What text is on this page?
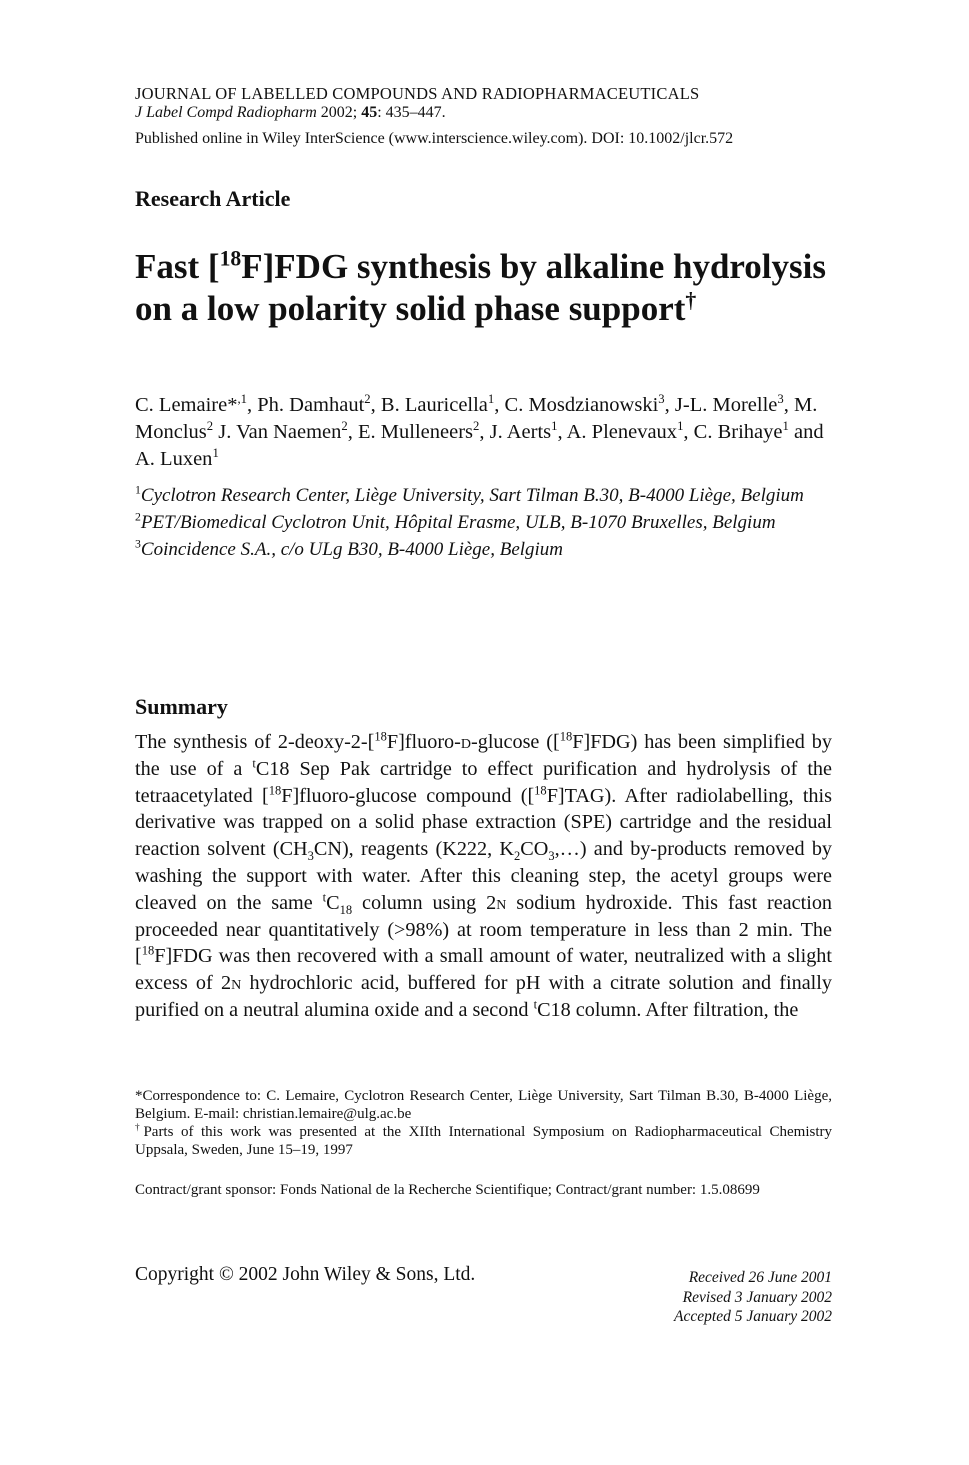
JOURNAL OF LABELLED COMPOUNDS AND RADIOPHARMACEUTICALS
J Label Compd Radiopharm 2002; 45: 435–447.
Published online in Wiley InterScience (www.interscience.wiley.com). DOI: 10.1002/jlcr.572
Research Article
Fast [$^{18}$F]FDG synthesis by alkaline hydrolysis on a low polarity solid phase support†
C. Lemaire*$^{,1}$, Ph. Damhaut$^2$, B. Lauricella$^1$, C. Mosdzianowski$^3$, J-L. Morelle$^3$, M. Monclus$^2$ J. Van Naemen$^2$, E. Mulleneers$^2$, J. Aerts$^1$, A. Plenevaux$^1$, C. Brihaye$^1$ and A. Luxen$^1$
$^1$Cyclotron Research Center, Liège University, Sart Tilman B.30, B-4000 Liège, Belgium
$^2$PET/Biomedical Cyclotron Unit, Hôpital Erasme, ULB, B-1070 Bruxelles, Belgium
$^3$Coincidence S.A., c/o ULg B30, B-4000 Liège, Belgium
Summary
The synthesis of 2-deoxy-2-[$^{18}$F]fluoro-d-glucose ([$^{18}$F]FDG) has been simplified by the use of a $^t$C18 Sep Pak cartridge to effect purification and hydrolysis of the tetraacetylated [$^{18}$F]fluoro-glucose compound ([$^{18}$F]TAG). After radiolabelling, this derivative was trapped on a solid phase extraction (SPE) cartridge and the residual reaction solvent $(CH_3CN)$, reagents (K222, $K_2CO_3,\dots$) and by-products removed by washing the support with water. After this cleaning step, the acetyl groups were cleaved on the same $^tC_{18}$ column using 2n sodium hydroxide. This fast reaction proceeded near quantitatively (>98%) at room temperature in less than 2 min. The [$^{18}$F]FDG was then recovered with a small amount of water, neutralized with a slight excess of 2n hydrochloric acid, buffered for pH with a citrate solution and finally purified on a neutral alumina oxide and a second $^t$C18 column. After filtration, the

*Correspondence to: C. Lemaire, Cyclotron Research Center, Liège University, Sart Tilman B.30, B-4000 Liège, Belgium. E-mail: christian.lemaire@ulg.ac.be

†Parts of this work was presented at the XIIth International Symposium on Radiopharmaceutical Chemistry Uppsala, Sweden, June 15–19, 1997

Contract/grant sponsor: Fonds National de la Recherche Scientifique; Contract/grant number: 1.5.08699

Copyright © 2002 John Wiley & Sons, Ltd.	Received 26 June 2001
Revised 3 January 2002
Accepted 5 January 2002
